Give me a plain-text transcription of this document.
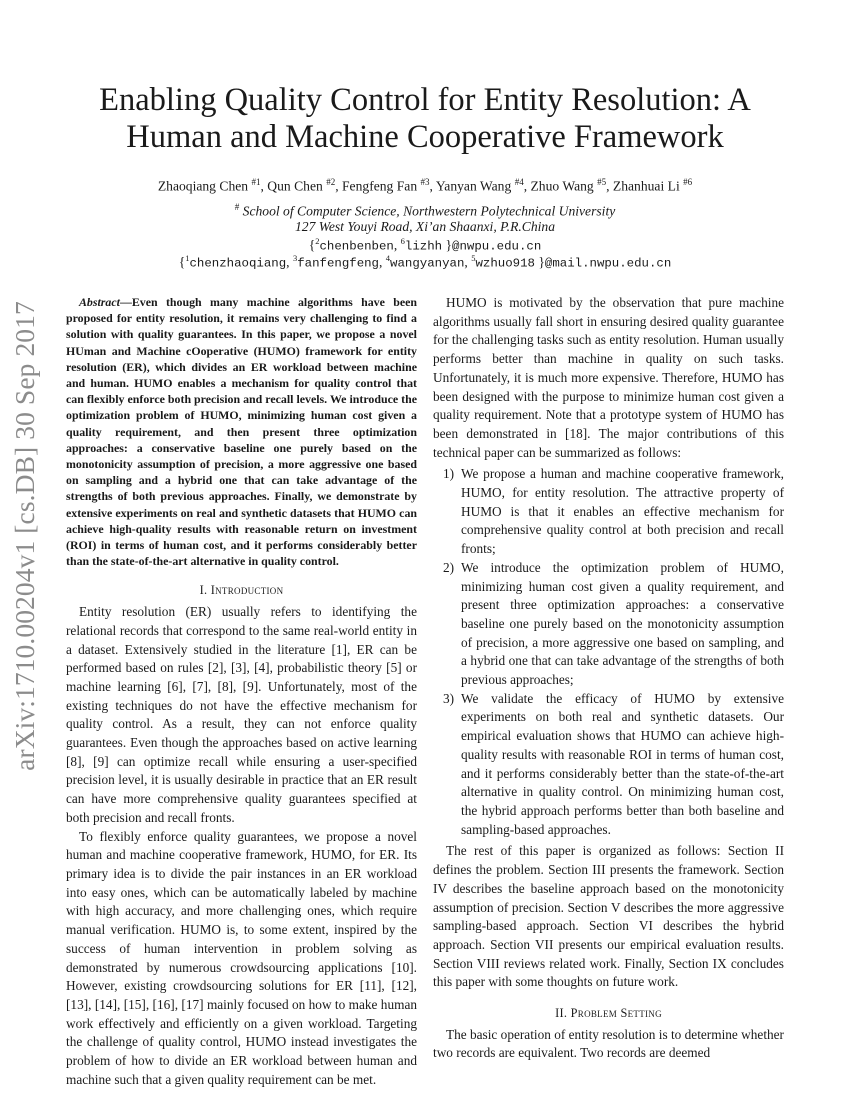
arXiv:1710.00204v1 [cs.DB] 30 Sep 2017
Enabling Quality Control for Entity Resolution: A Human and Machine Cooperative Framework
Zhaoqiang Chen $^{\#1}$, Qun Chen $^{\#2}$, Fengfeng Fan $^{\#3}$, Yanyan Wang $^{\#4}$, Zhuo Wang $^{\#5}$, Zhanhuai Li $^{\#6}$
# School of Computer Science, Northwestern Polytechnical University
127 West Youyi Road, Xi’an Shaanxi, P.R.China
{$^2$chenbenben, $^6$lizhh }@nwpu.edu.cn
{$^1$chenzhaoqiang, $^3$fanfengfeng, $^4$wangyanyan, $^5$wzhuo918 }@mail.nwpu.edu.cn

Abstract—Even though many machine algorithms have been proposed for entity resolution, it remains very challenging to find a solution with quality guarantees. In this paper, we propose a novel HUman and Machine cOoperative (HUMO) framework for entity resolution (ER), which divides an ER workload between machine and human. HUMO enables a mechanism for quality control that can flexibly enforce both precision and recall levels. We introduce the optimization problem of HUMO, minimizing human cost given a quality requirement, and then present three optimization approaches: a conservative baseline one purely based on the monotonicity assumption of precision, a more aggressive one based on sampling and a hybrid one that can take advantage of the strengths of both previous approaches. Finally, we demonstrate by extensive experiments on real and synthetic datasets that HUMO can achieve high-quality results with reasonable return on investment (ROI) in terms of human cost, and it performs considerably better than the state-of-the-art alternative in quality control.

I. Introduction

Entity resolution (ER) usually refers to identifying the relational records that correspond to the same real-world entity in a dataset. Extensively studied in the literature [1], ER can be performed based on rules [2], [3], [4], probabilistic theory [5] or machine learning [6], [7], [8], [9]. Unfortunately, most of the existing techniques do not have the effective mechanism for quality control. As a result, they can not enforce quality guarantees. Even though the approaches based on active learning [8], [9] can optimize recall while ensuring a user-specified precision level, it is usually desirable in practice that an ER result can have more comprehensive quality guarantees specified at both precision and recall fronts.

To flexibly enforce quality guarantees, we propose a novel human and machine cooperative framework, HUMO, for ER. Its primary idea is to divide the pair instances in an ER workload into easy ones, which can be automatically labeled by machine with high accuracy, and more challenging ones, which require manual verification. HUMO is, to some extent, inspired by the success of human intervention in problem solving as demonstrated by numerous crowdsourcing applications [10]. However, existing crowdsourcing solutions for ER [11], [12], [13], [14], [15], [16], [17] mainly focused on how to make human work effectively and efficiently on a given workload. Targeting the challenge of quality control, HUMO instead investigates the problem of how to divide an ER workload between human and machine such that a given quality requirement can be met.

HUMO is motivated by the observation that pure machine algorithms usually fall short in ensuring desired quality guarantee for the challenging tasks such as entity resolution. Human usually performs better than machine in quality on such tasks. Unfortunately, it is much more expensive. Therefore, HUMO has been designed with the purpose to minimize human cost given a quality requirement. Note that a prototype system of HUMO has been demonstrated in [18]. The major contributions of this technical paper can be summarized as follows:

1) We propose a human and machine cooperative framework, HUMO, for entity resolution. The attractive property of HUMO is that it enables an effective mechanism for comprehensive quality control at both precision and recall fronts;
2) We introduce the optimization problem of HUMO, minimizing human cost given a quality requirement, and present three optimization approaches: a conservative baseline one purely based on the monotonicity assumption of precision, a more aggressive one based on sampling, and a hybrid one that can take advantage of the strengths of both previous approaches;
3) We validate the efficacy of HUMO by extensive experiments on both real and synthetic datasets. Our empirical evaluation shows that HUMO can achieve high-quality results with reasonable ROI in terms of human cost, and it performs considerably better than the state-of-the-art alternative in quality control. On minimizing human cost, the hybrid approach performs better than both baseline and sampling-based approaches.

The rest of this paper is organized as follows: Section II defines the problem. Section III presents the framework. Section IV describes the baseline approach based on the monotonicity assumption of precision. Section V describes the more aggressive sampling-based approach. Section VI describes the hybrid approach. Section VII presents our empirical evaluation results. Section VIII reviews related work. Finally, Section IX concludes this paper with some thoughts on future work.

II. Problem Setting

The basic operation of entity resolution is to determine whether two records are equivalent. Two records are deemed
